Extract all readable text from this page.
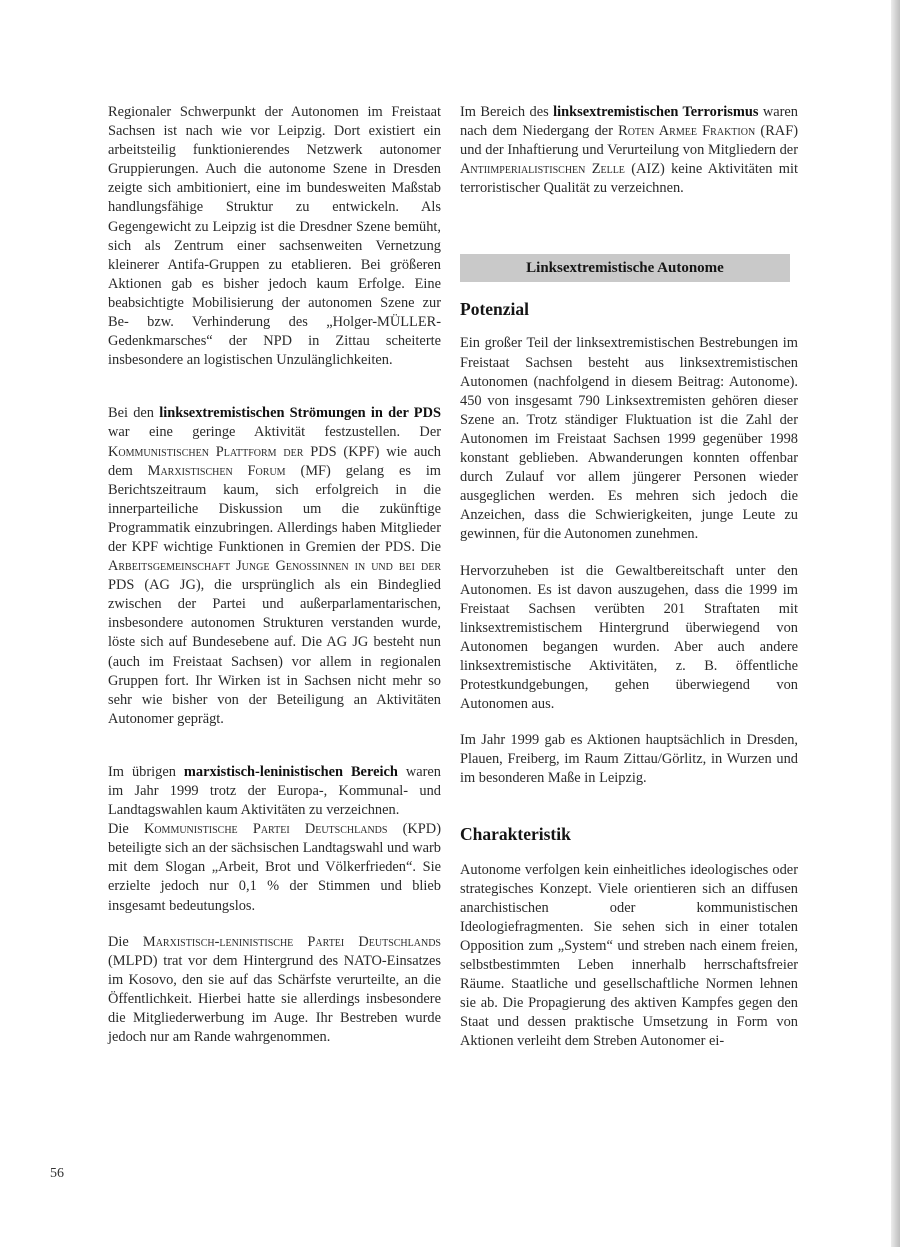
Regionaler Schwerpunkt der Autonomen im Freistaat Sachsen ist nach wie vor Leipzig. Dort existiert ein arbeitsteilig funktionierendes Netzwerk autonomer Gruppierungen. Auch die autonome Szene in Dresden zeigte sich ambitioniert, eine im bundesweiten Maßstab handlungsfähige Struktur zu entwickeln. Als Gegengewicht zu Leipzig ist die Dresdner Szene bemüht, sich als Zentrum einer sachsenweiten Vernetzung kleinerer Antifa-Gruppen zu etablieren. Bei größeren Aktionen gab es bisher jedoch kaum Erfolge. Eine beabsichtigte Mobilisierung der autonomen Szene zur Be- bzw. Verhinderung des „Holger-MÜLLER-Gedenkmarsches“ der NPD in Zittau scheiterte insbesondere an logistischen Unzulänglichkeiten.

Bei den linksextremistischen Strömungen in der PDS war eine geringe Aktivität festzustellen. Der Kommunistischen Plattform der PDS (KPF) wie auch dem Marxistischen Forum (MF) gelang es im Berichtszeitraum kaum, sich erfolgreich in die innerparteiliche Diskussion um die zukünftige Programmatik einzubringen. Allerdings haben Mitglieder der KPF wichtige Funktionen in Gremien der PDS. Die Arbeitsgemeinschaft Junge Genossinnen in und bei der PDS (AG JG), die ursprünglich als ein Bindeglied zwischen der Partei und außerparlamentarischen, insbesondere autonomen Strukturen verstanden wurde, löste sich auf Bundesebene auf. Die AG JG besteht nun (auch im Freistaat Sachsen) vor allem in regionalen Gruppen fort. Ihr Wirken ist in Sachsen nicht mehr so sehr wie bisher von der Beteiligung an Aktivitäten Autonomer geprägt.

Im übrigen marxistisch-leninistischen Bereich waren im Jahr 1999 trotz der Europa-, Kommunal- und Landtagswahlen kaum Aktivitäten zu verzeichnen.

Die Kommunistische Partei Deutschlands (KPD) beteiligte sich an der sächsischen Landtagswahl und warb mit dem Slogan „Arbeit, Brot und Völkerfrieden“. Sie erzielte jedoch nur 0,1 % der Stimmen und blieb insgesamt bedeutungslos.

Die Marxistisch-leninistische Partei Deutschlands (MLPD) trat vor dem Hintergrund des NATO-Einsatzes im Kosovo, den sie auf das Schärfste verurteilte, an die Öffentlichkeit. Hierbei hatte sie allerdings insbesondere die Mitgliederwerbung im Auge. Ihr Bestreben wurde jedoch nur am Rande wahrgenommen.

Im Bereich des linksextremistischen Terrorismus waren nach dem Niedergang der Roten Armee Fraktion (RAF) und der Inhaftierung und Verurteilung von Mitgliedern der Antiimperialistischen Zelle (AIZ) keine Aktivitäten mit terroristischer Qualität zu verzeichnen.

Linksextremistische Autonome
Potenzial

Ein großer Teil der linksextremistischen Bestrebungen im Freistaat Sachsen besteht aus linksextremistischen Autonomen (nachfolgend in diesem Beitrag: Autonome). 450 von insgesamt 790 Linksextremisten gehören dieser Szene an. Trotz ständiger Fluktuation ist die Zahl der Autonomen im Freistaat Sachsen 1999 gegenüber 1998 konstant geblieben. Abwanderungen konnten offenbar durch Zulauf vor allem jüngerer Personen wieder ausgeglichen werden. Es mehren sich jedoch die Anzeichen, dass die Schwierigkeiten, junge Leute zu gewinnen, für die Autonomen zunehmen.

Hervorzuheben ist die Gewaltbereitschaft unter den Autonomen. Es ist davon auszugehen, dass die 1999 im Freistaat Sachsen verübten 201 Straftaten mit linksextremistischem Hintergrund überwiegend von Autonomen begangen wurden. Aber auch andere linksextremistische Aktivitäten, z. B. öffentliche Protestkundgebungen, gehen überwiegend von Autonomen aus.

Im Jahr 1999 gab es Aktionen hauptsächlich in Dresden, Plauen, Freiberg, im Raum Zittau/Görlitz, in Wurzen und im besonderen Maße in Leipzig.

Charakteristik

Autonome verfolgen kein einheitliches ideologisches oder strategisches Konzept. Viele orientieren sich an diffusen anarchistischen oder kommunistischen Ideologiefragmenten. Sie sehen sich in einer totalen Opposition zum „System“ und streben nach einem freien, selbstbestimmten Leben innerhalb herrschaftsfreier Räume. Staatliche und gesellschaftliche Normen lehnen sie ab. Die Propagierung des aktiven Kampfes gegen den Staat und dessen praktische Umsetzung in Form von Aktionen verleiht dem Streben Autonomer ei-

56
